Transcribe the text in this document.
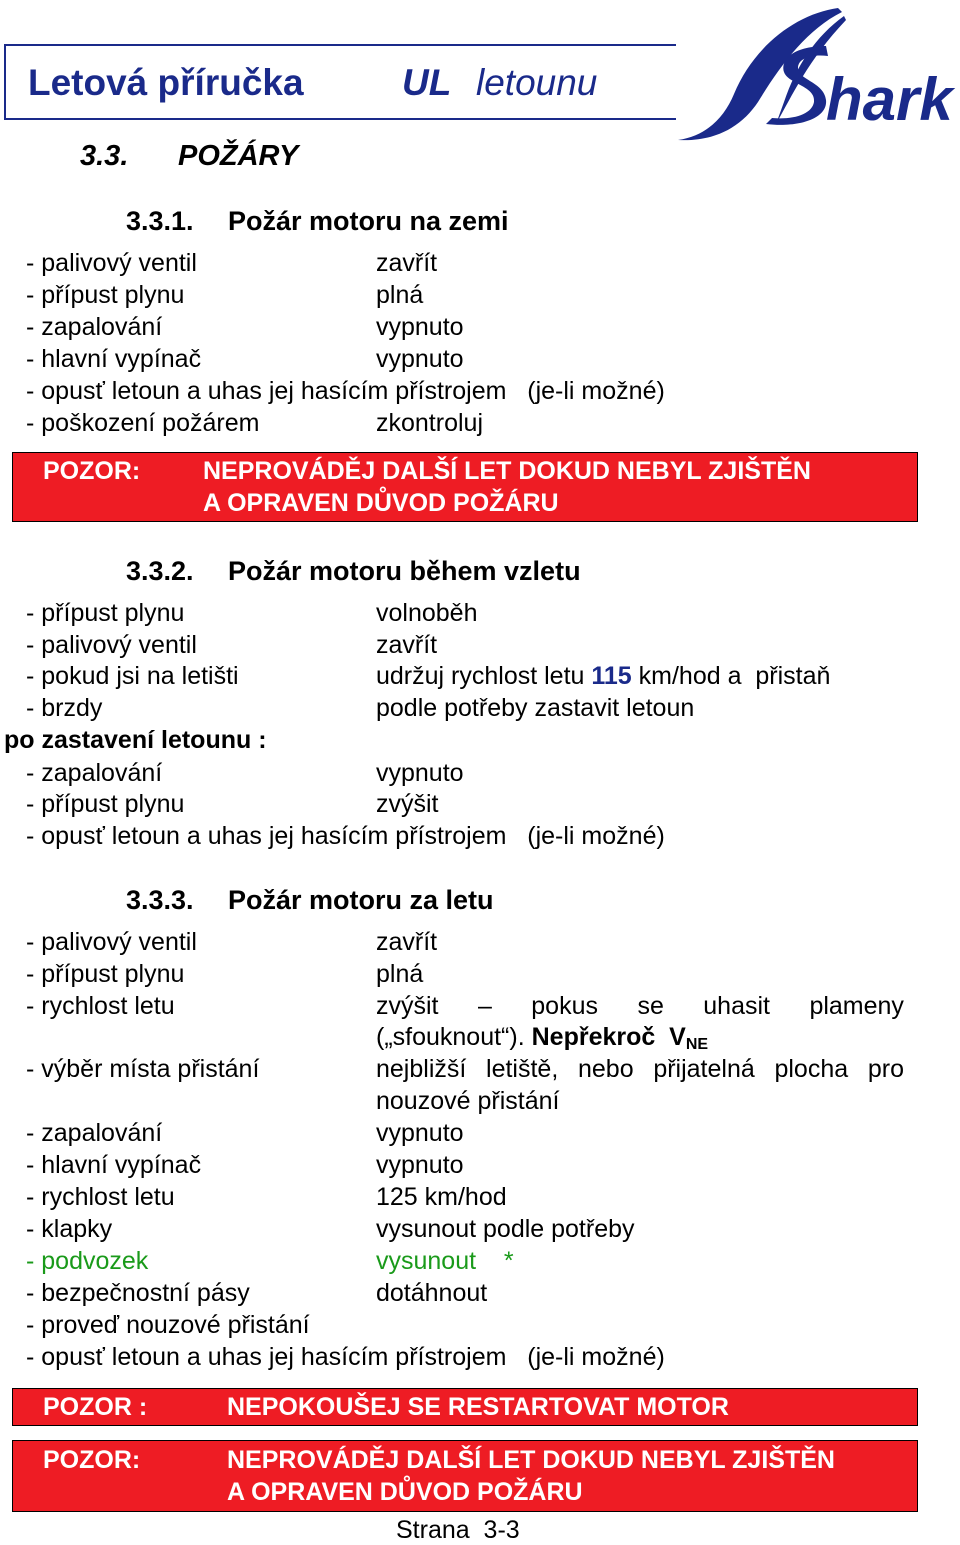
Letová příručka	UL letounu	hark
3.3. POŽÁRY
3.3.1. Požár motoru na zemi
- palivový ventil	zavřít
- přípust plynu	plná
- zapalování	vypnuto
- hlavní vypínač	vypnuto
- opusť letoun a uhas jej hasícím přístrojem   (je-li možné)
- poškození požárem	zkontroluj
POZOR:	NEPROVÁDĚJ DALŠÍ LET DOKUD NEBYL ZJIŠTĚN
A OPRAVEN DŮVOD POŽÁRU
3.3.2. Požár motoru během vzletu
- přípust plynu	volnoběh
- palivový ventil	zavřít
- pokud jsi na letišti	udržuj rychlost letu 115 km/hod a  přistaň
- brzdy	podle potřeby zastavit letoun
po zastavení letounu :
- zapalování	vypnuto
- přípust plynu	zvýšit
- opusť letoun a uhas jej hasícím přístrojem   (je-li možné)
3.3.3. Požár motoru za letu
- palivový ventil	zavřít
- přípust plynu	plná
- rychlost letu	zvýšit – pokus se uhasit plameny
(„sfouknout“). Nepřekroč  VNE
- výběr místa přistání	nejbližší letiště, nebo přijatelná plocha pro
nouzové přistání
- zapalování	vypnuto
- hlavní vypínač	vypnuto
- rychlost letu	125 km/hod
- klapky	vysunout podle potřeby
- podvozek	vysunout    *
- bezpečnostní pásy	dotáhnout
- proveď nouzové přistání
- opusť letoun a uhas jej hasícím přístrojem   (je-li možné)
POZOR :	NEPOKOUŠEJ SE RESTARTOVAT MOTOR
POZOR:	NEPROVÁDĚJ DALŠÍ LET DOKUD NEBYL ZJIŠTĚN
A OPRAVEN DŮVOD POŽÁRU
Strana  3-3
